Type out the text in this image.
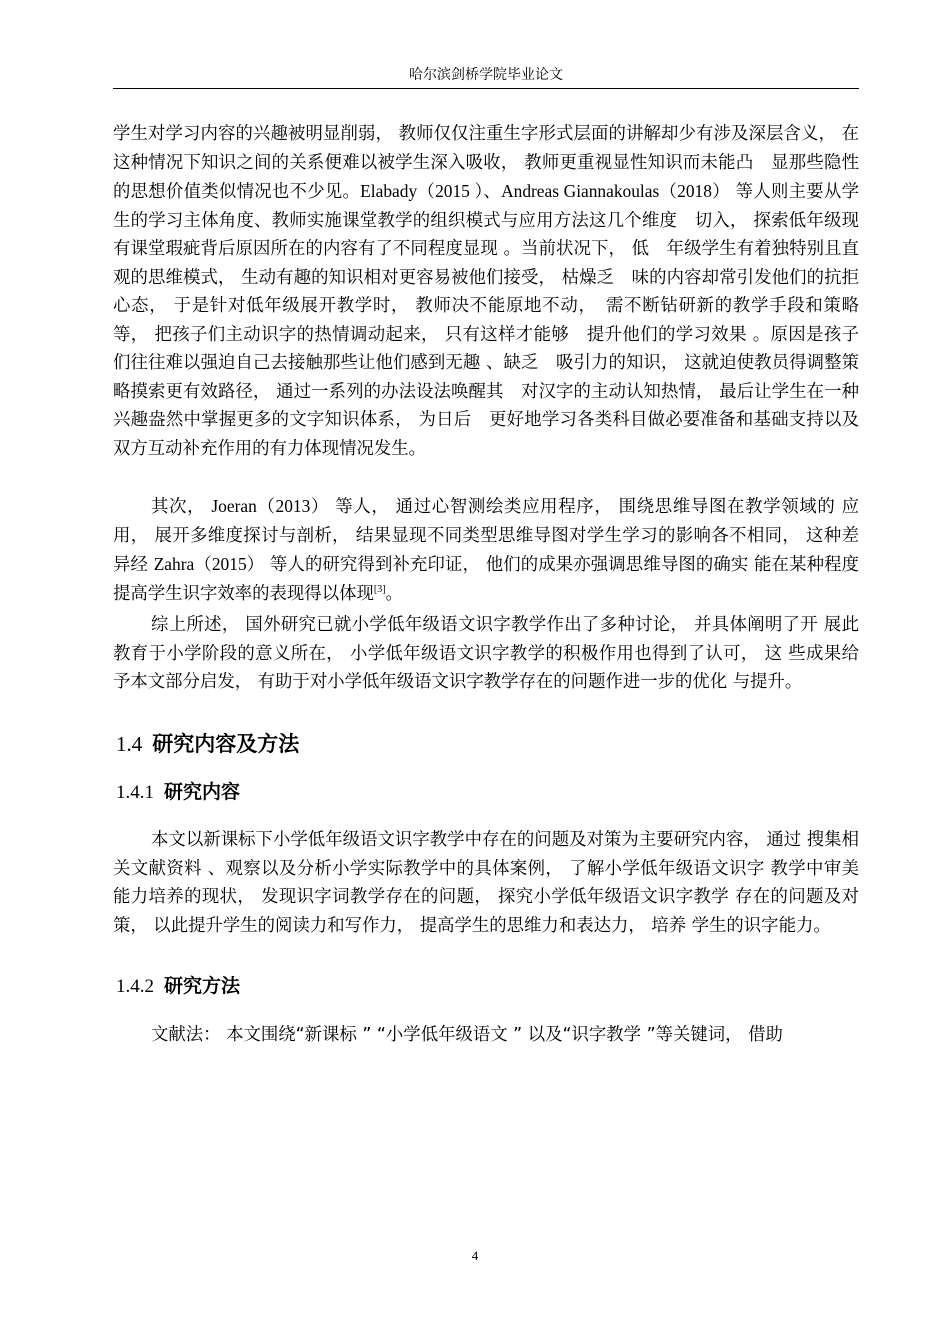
哈尔滨剑桥学院毕业论文

学生对学习内容的兴趣被明显削弱， 教师仅仅注重生字形式层面的讲解却少有涉及深层含义， 在这种情况下知识之间的关系便难以被学生深入吸收， 教师更重视显性知识而未能凸　显那些隐性的思想价值类似情况也不少见。Elabady（2015 ）、Andreas Giannakoulas（2018） 等人则主要从学生的学习主体角度、教师实施课堂教学的组织模式与应用方法这几个维度　切入， 探索低年级现有课堂瑕疵背后原因所在的内容有了不同程度显现 。当前状况下， 低　年级学生有着独特别且直观的思维模式， 生动有趣的知识相对更容易被他们接受， 枯燥乏　味的内容却常引发他们的抗拒心态， 于是针对低年级展开教学时， 教师决不能原地不动，　需不断钻研新的教学手段和策略等， 把孩子们主动识字的热情调动起来， 只有这样才能够　提升他们的学习效果 。原因是孩子们往往难以强迫自己去接触那些让他们感到无趣 、缺乏　吸引力的知识， 这就迫使教员得调整策略摸索更有效路径， 通过一系列的办法设法唤醒其　对汉字的主动认知热情， 最后让学生在一种兴趣盎然中掌握更多的文字知识体系， 为日后　更好地学习各类科目做必要准备和基础支持以及双方互动补充作用的有力体现情况发生。

其次， Joeran（2013） 等人， 通过心智测绘类应用程序， 围绕思维导图在教学领域的 应用， 展开多维度探讨与剖析， 结果显现不同类型思维导图对学生学习的影响各不相同， 这种差异经 Zahra（2015） 等人的研究得到补充印证， 他们的成果亦强调思维导图的确实 能在某种程度提高学生识字效率的表现得以体现[3]。

综上所述， 国外研究已就小学低年级语文识字教学作出了多种讨论， 并具体阐明了开 展此教育于小学阶段的意义所在， 小学低年级语文识字教学的积极作用也得到了认可， 这 些成果给予本文部分启发， 有助于对小学低年级语文识字教学存在的问题作进一步的优化 与提升。

1.4 研究内容及方法
1.4.1 研究内容

本文以新课标下小学低年级语文识字教学中存在的问题及对策为主要研究内容， 通过 搜集相关文献资料 、观察以及分析小学实际教学中的具体案例， 了解小学低年级语文识字 教学中审美能力培养的现状， 发现识字词教学存在的问题， 探究小学低年级语文识字教学 存在的问题及对策， 以此提升学生的阅读力和写作力， 提高学生的思维力和表达力， 培养 学生的识字能力。

1.4.2 研究方法

文献法： 本文围绕“新课标 ” “小学低年级语文 ” 以及“识字教学 ”等关键词， 借助

4
